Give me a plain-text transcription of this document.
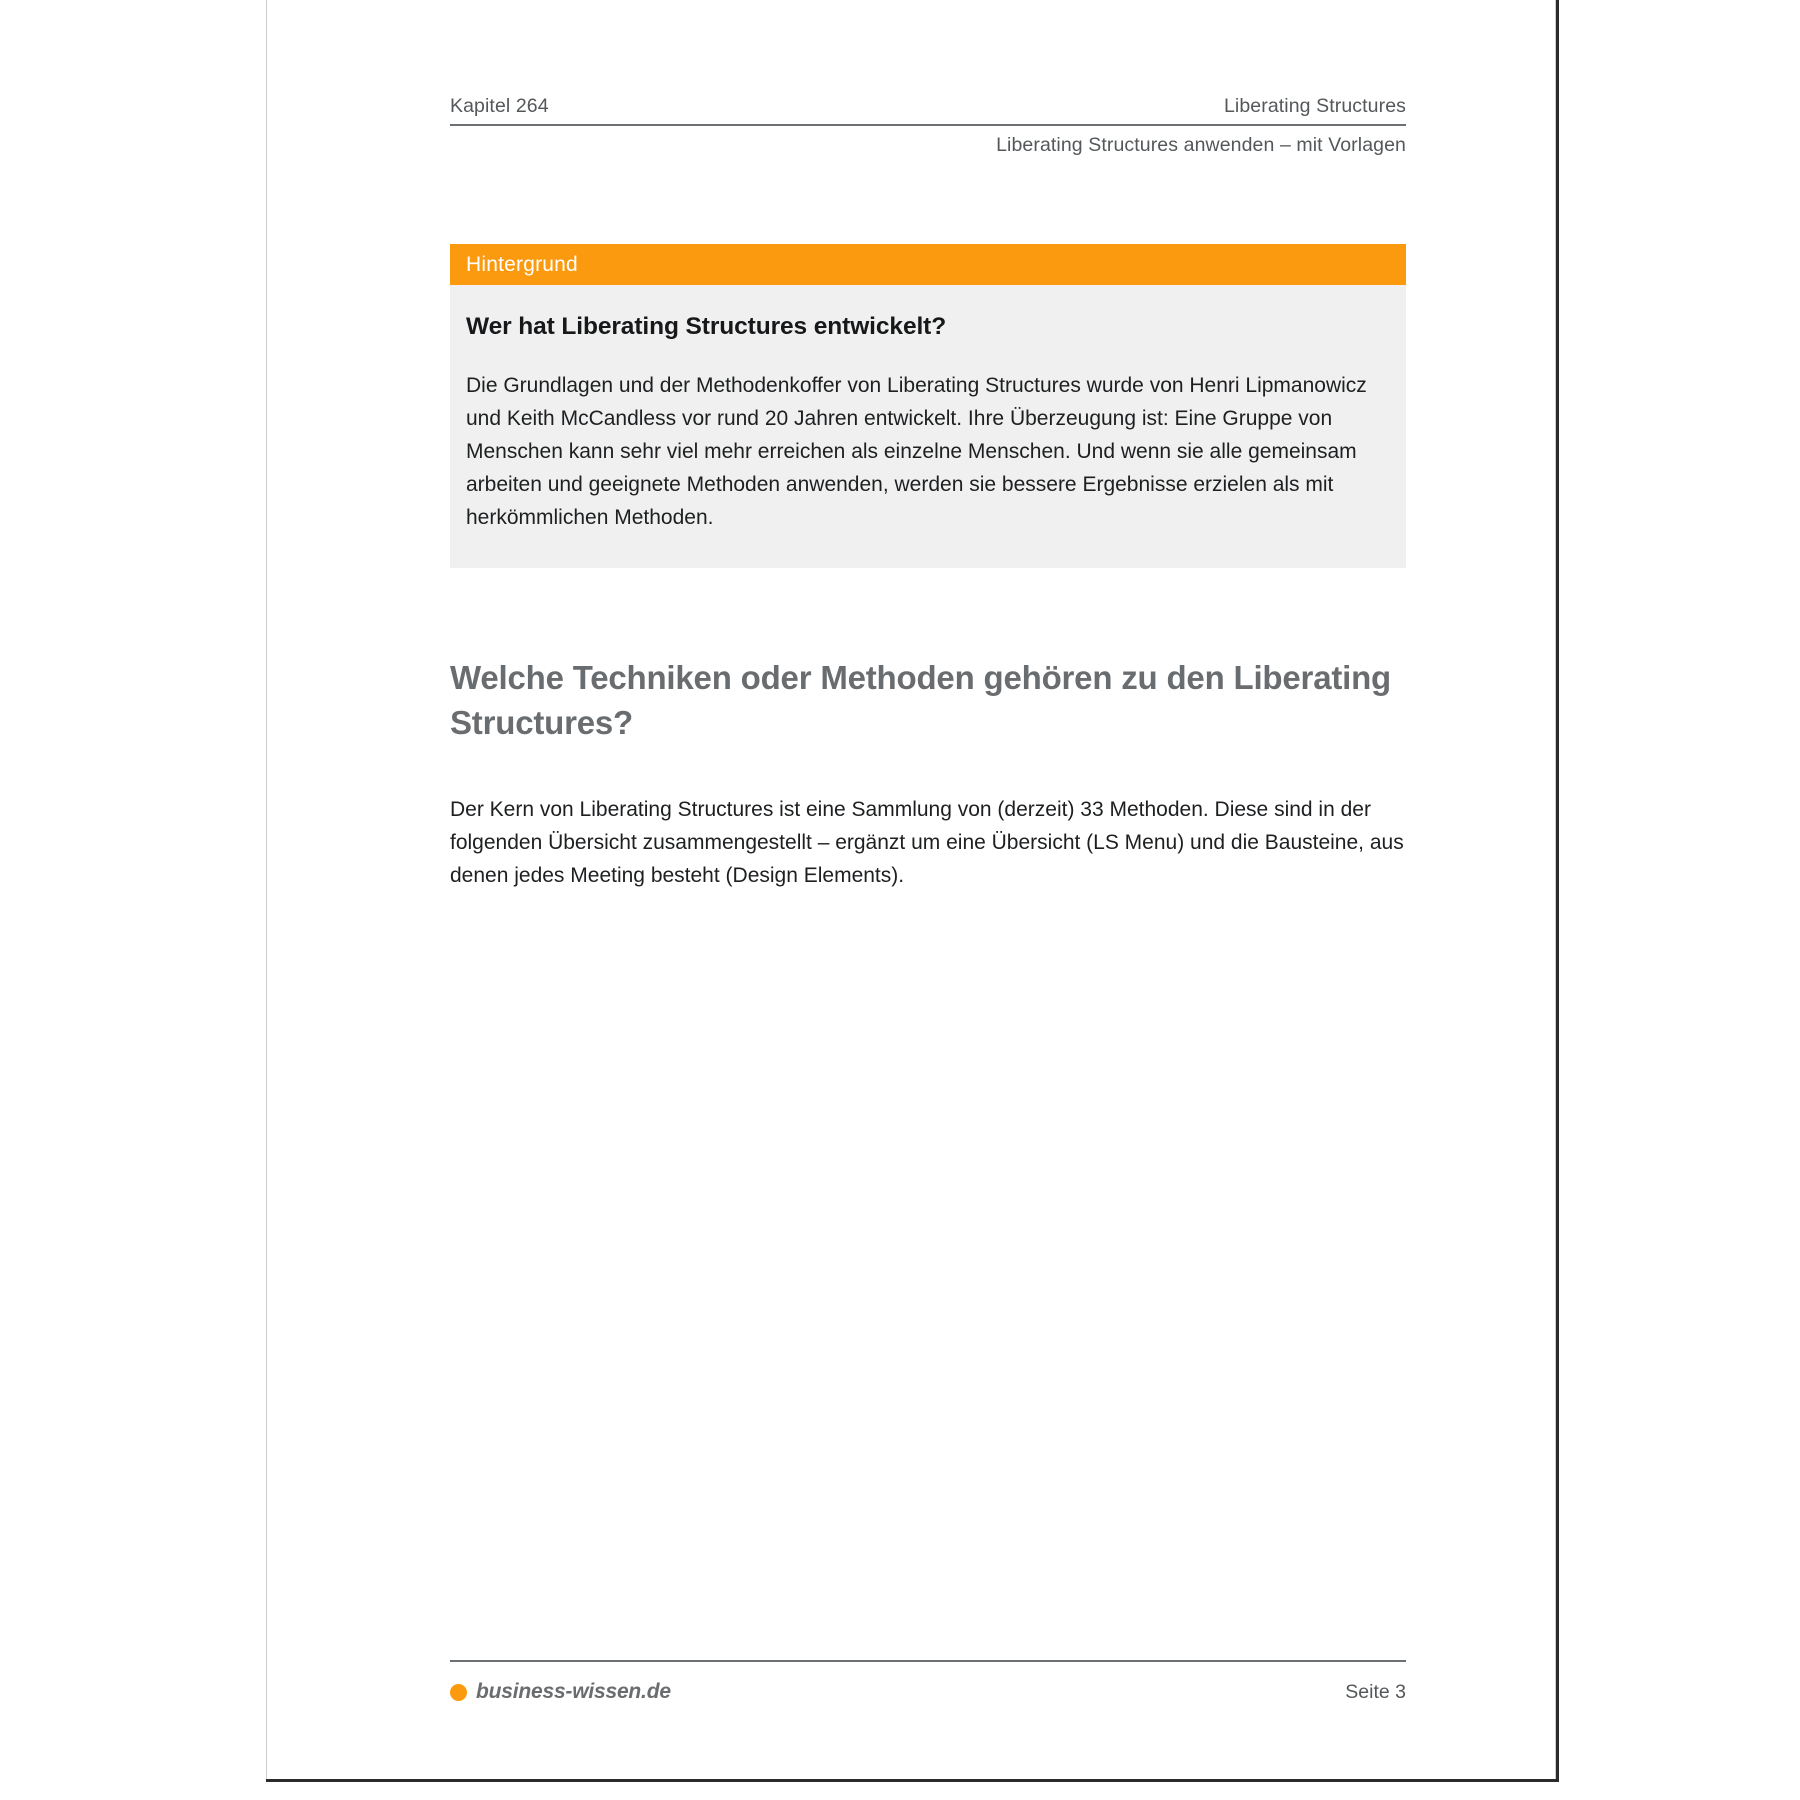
Kapitel 264	Liberating Structures
Liberating Structures anwenden – mit Vorlagen
Hintergrund
Wer hat Liberating Structures entwickelt?

Die Grundlagen und der Methodenkoffer von Liberating Structures wurde von Henri Lipmanowicz und Keith McCandless vor rund 20 Jahren entwickelt. Ihre Überzeugung ist: Eine Gruppe von Menschen kann sehr viel mehr erreichen als einzelne Menschen. Und wenn sie alle gemeinsam arbeiten und geeignete Methoden anwenden, werden sie bessere Ergebnisse erzielen als mit herkömmlichen Methoden.

Welche Techniken oder Methoden gehören zu den Liberating Structures?

Der Kern von Liberating Structures ist eine Sammlung von (derzeit) 33 Methoden. Diese sind in der folgenden Übersicht zusammengestellt – ergänzt um eine Übersicht (LS Menu) und die Bausteine, aus denen jedes Meeting besteht (Design Elements).

business-wissen.de	Seite 3
